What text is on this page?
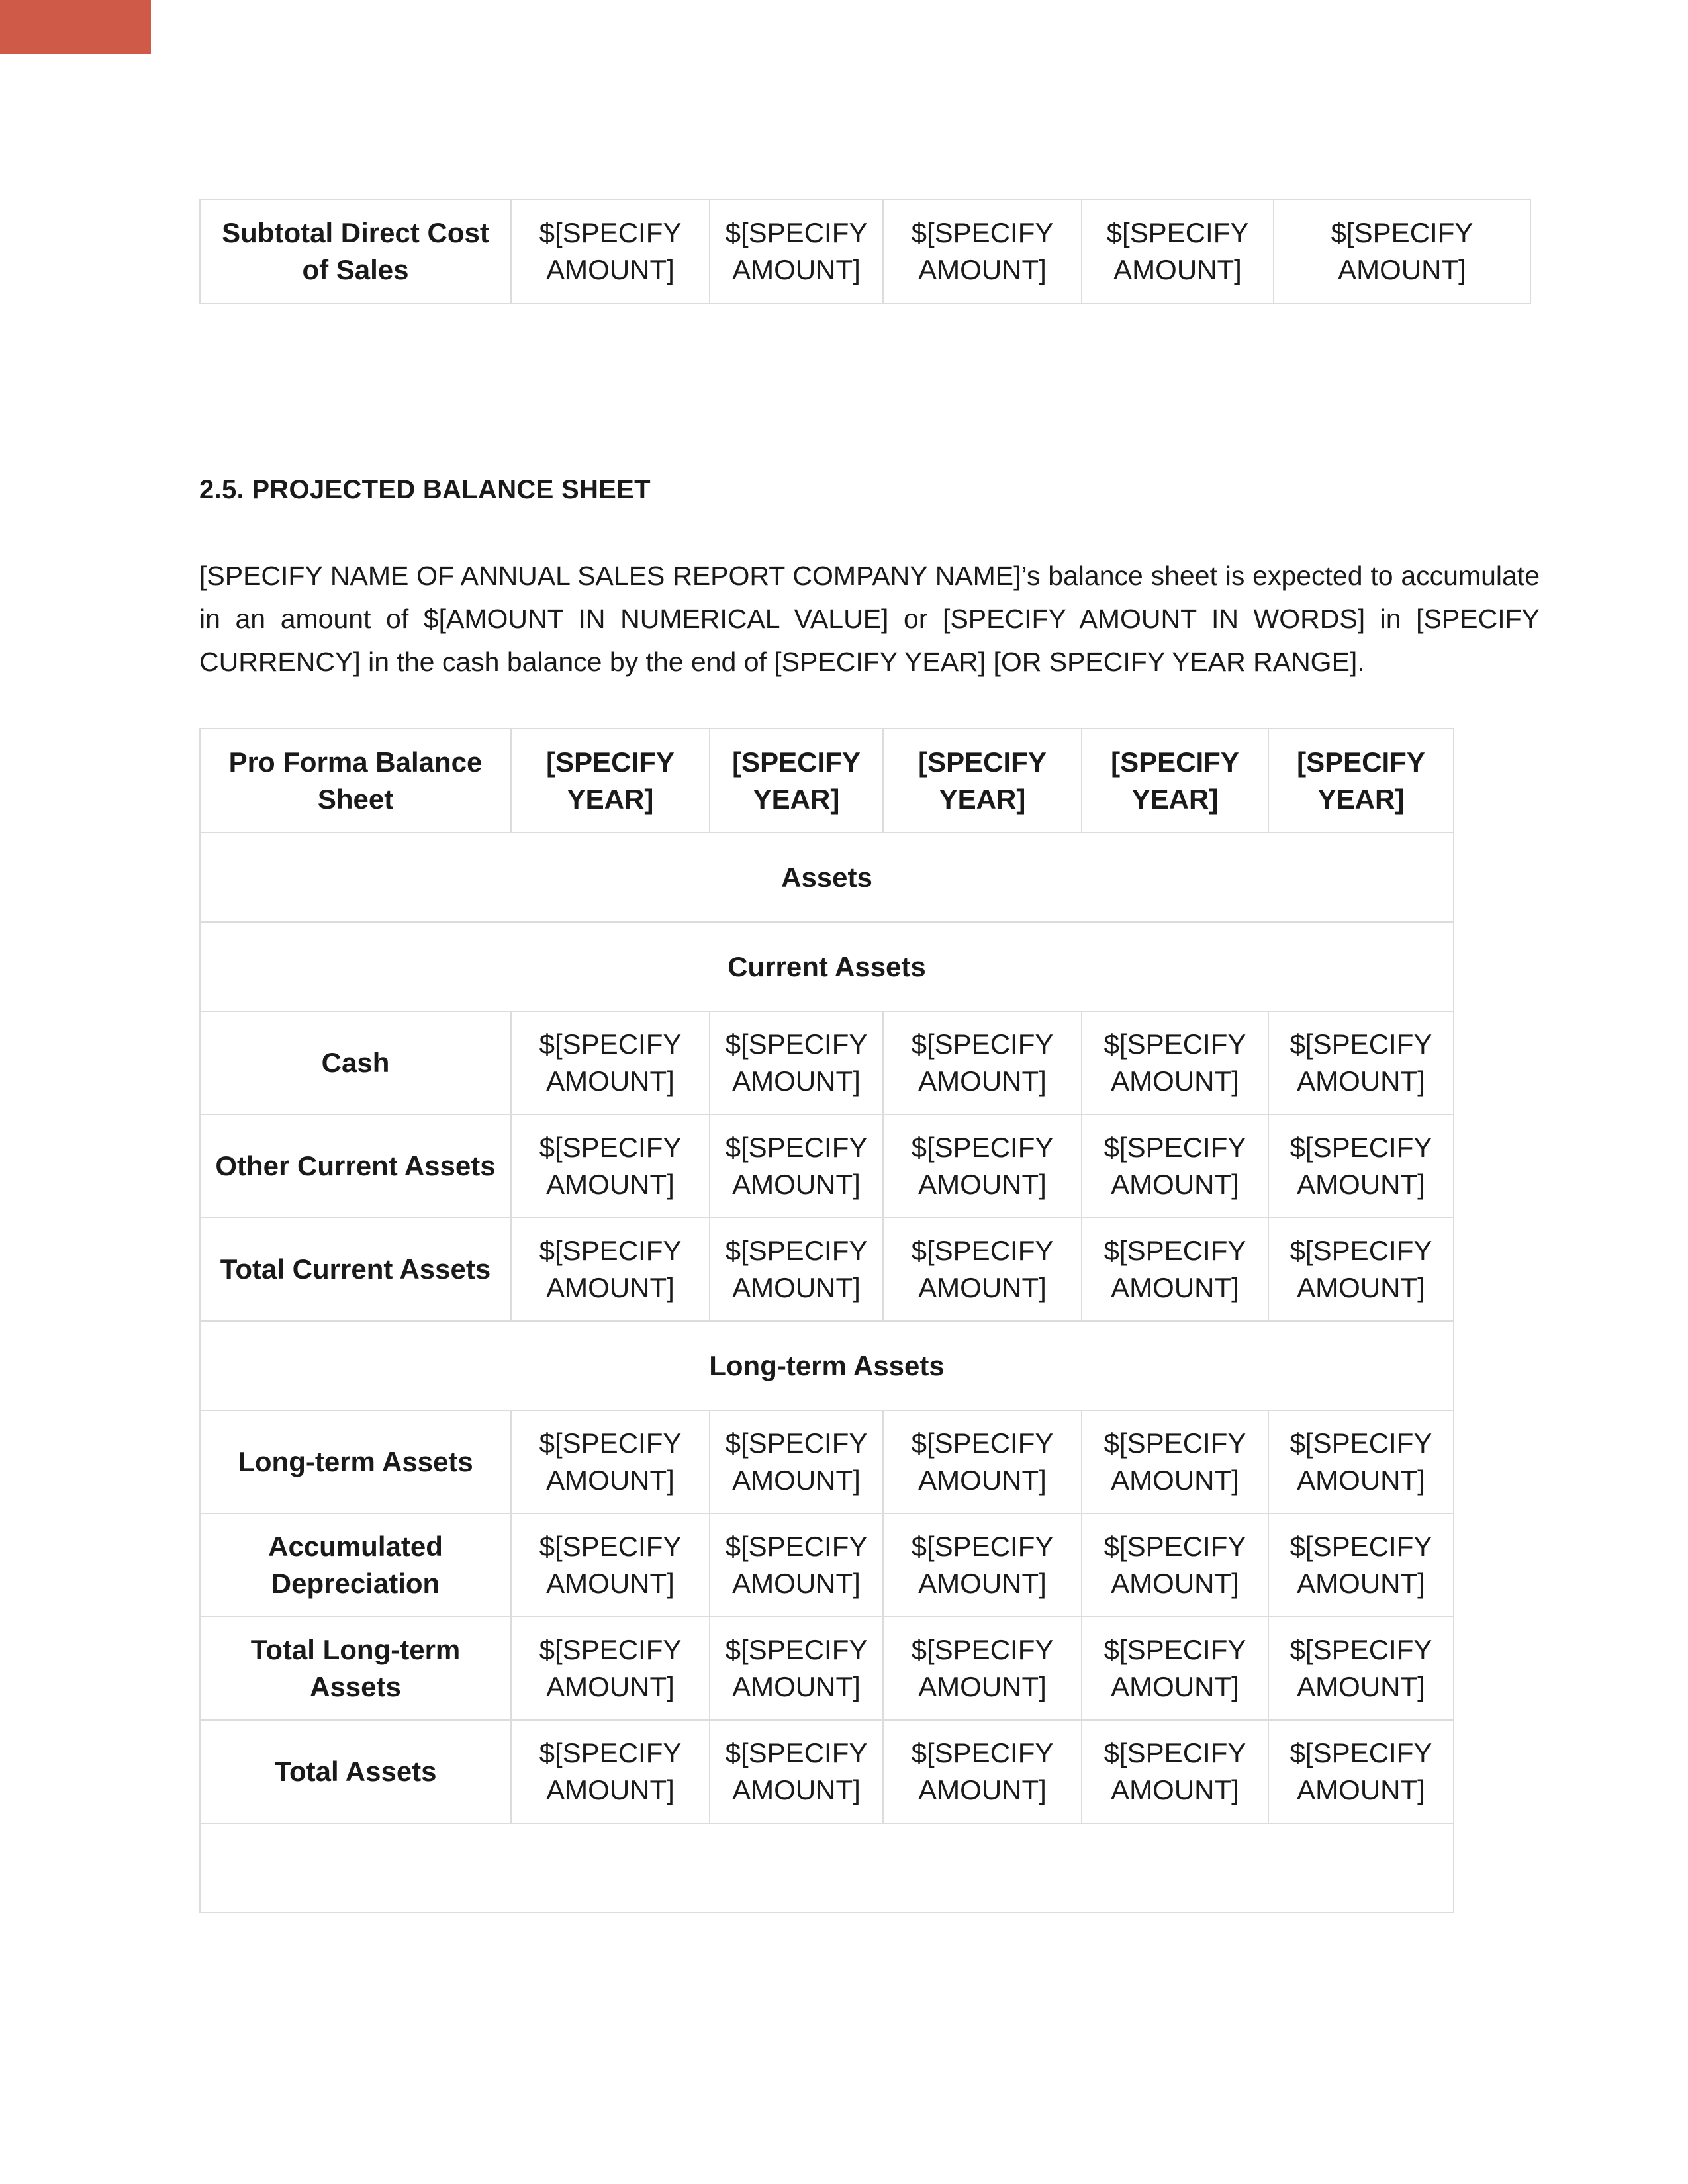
Subtotal Direct Cost of Sales	$[SPECIFY AMOUNT]	$[SPECIFY AMOUNT]	$[SPECIFY AMOUNT]	$[SPECIFY AMOUNT]	$[SPECIFY AMOUNT]
2.5. PROJECTED BALANCE SHEET
[SPECIFY NAME OF ANNUAL SALES REPORT COMPANY NAME]’s balance sheet is expected to accumulate in an amount of $[AMOUNT IN NUMERICAL VALUE] or [SPECIFY AMOUNT IN WORDS] in [SPECIFY CURRENCY] in the cash balance by the end of [SPECIFY YEAR] [OR SPECIFY YEAR RANGE].
Pro Forma Balance Sheet	[SPECIFY YEAR]	[SPECIFY YEAR]	[SPECIFY YEAR]	[SPECIFY YEAR]	[SPECIFY YEAR]
Assets					
Current Assets					
Cash	$[SPECIFY AMOUNT]	$[SPECIFY AMOUNT]	$[SPECIFY AMOUNT]	$[SPECIFY AMOUNT]	$[SPECIFY AMOUNT]
Other Current Assets	$[SPECIFY AMOUNT]	$[SPECIFY AMOUNT]	$[SPECIFY AMOUNT]	$[SPECIFY AMOUNT]	$[SPECIFY AMOUNT]
Total Current Assets	$[SPECIFY AMOUNT]	$[SPECIFY AMOUNT]	$[SPECIFY AMOUNT]	$[SPECIFY AMOUNT]	$[SPECIFY AMOUNT]
Long-term Assets					
Long-term Assets	$[SPECIFY AMOUNT]	$[SPECIFY AMOUNT]	$[SPECIFY AMOUNT]	$[SPECIFY AMOUNT]	$[SPECIFY AMOUNT]
Accumulated Depreciation	$[SPECIFY AMOUNT]	$[SPECIFY AMOUNT]	$[SPECIFY AMOUNT]	$[SPECIFY AMOUNT]	$[SPECIFY AMOUNT]
Total Long-term Assets	$[SPECIFY AMOUNT]	$[SPECIFY AMOUNT]	$[SPECIFY AMOUNT]	$[SPECIFY AMOUNT]	$[SPECIFY AMOUNT]
Total Assets	$[SPECIFY AMOUNT]	$[SPECIFY AMOUNT]	$[SPECIFY AMOUNT]	$[SPECIFY AMOUNT]	$[SPECIFY AMOUNT]
